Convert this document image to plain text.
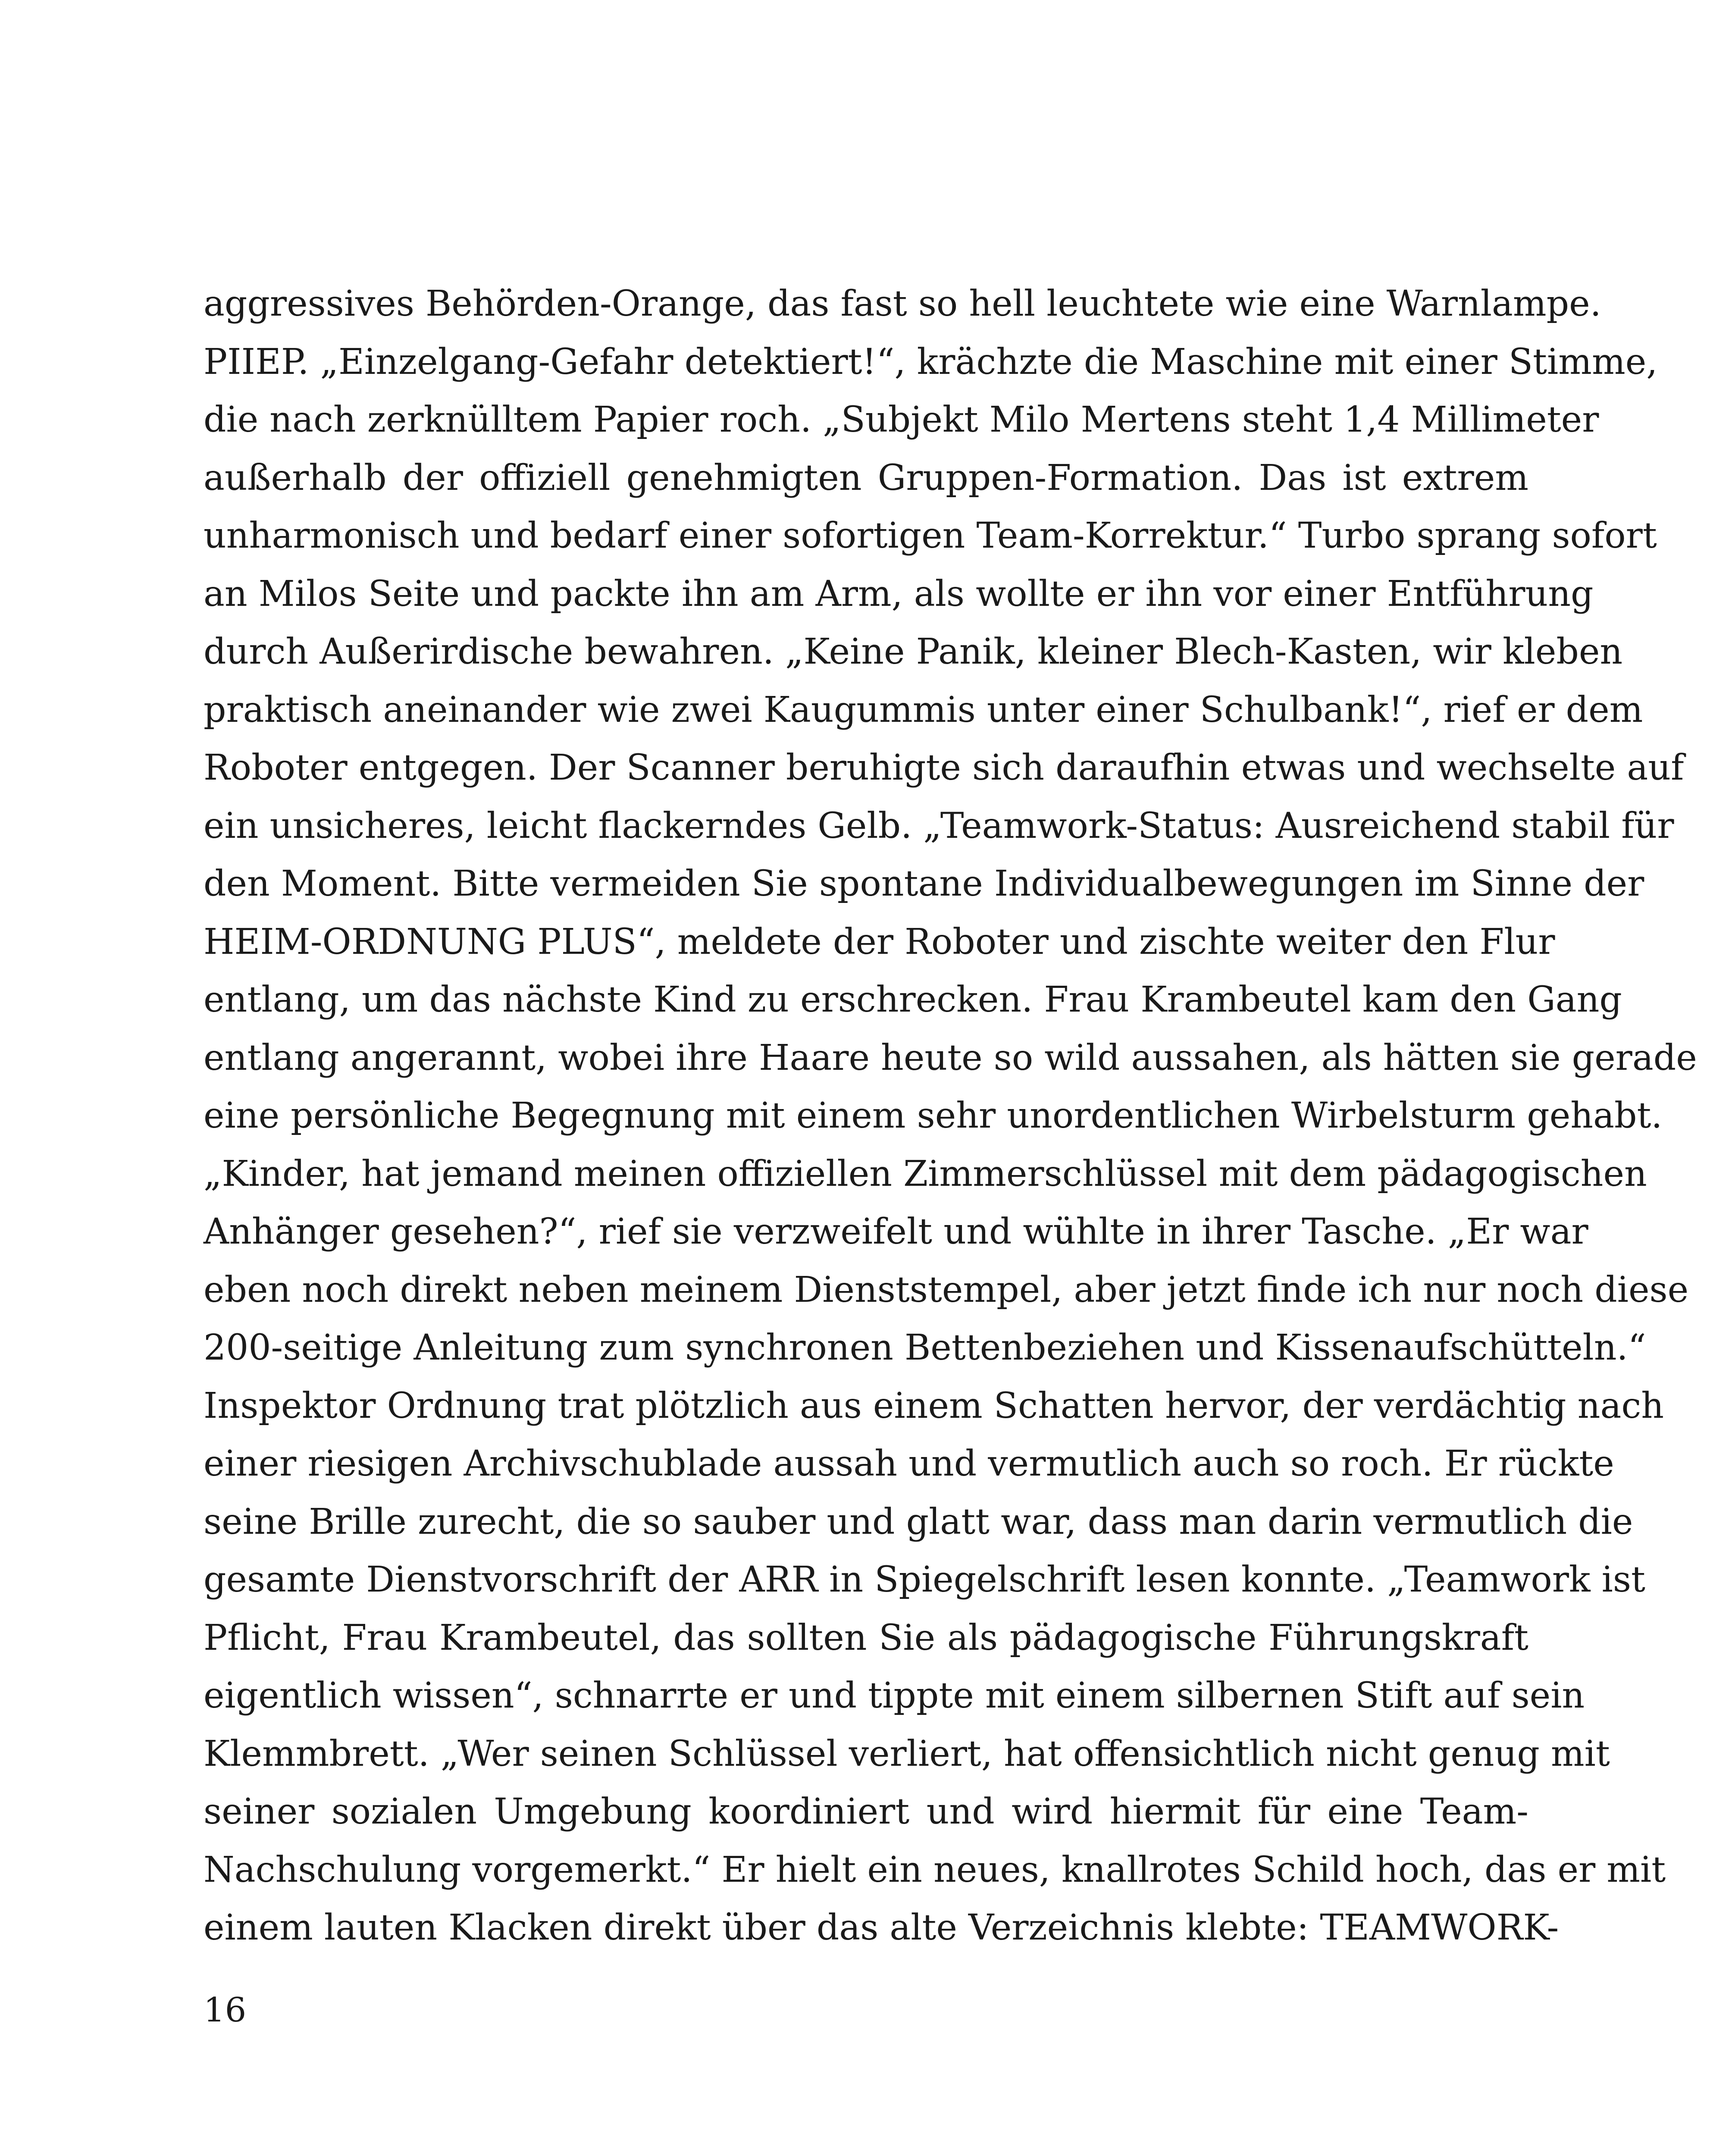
aggressives Behörden-Orange, das fast so hell leuchtete wie eine Warnlampe.
PIIEP. „Einzelgang-Gefahr detektiert!“, krächzte die Maschine mit einer Stimme,
die nach zerknülltem Papier roch. „Subjekt Milo Mertens steht 1,4 Millimeter
außerhalb der offiziell genehmigten Gruppen-Formation. Das ist extrem
unharmonisch und bedarf einer sofortigen Team-Korrektur.“ Turbo sprang sofort
an Milos Seite und packte ihn am Arm, als wollte er ihn vor einer Entführung
durch Außerirdische bewahren. „Keine Panik, kleiner Blech-Kasten, wir kleben
praktisch aneinander wie zwei Kaugummis unter einer Schulbank!“, rief er dem
Roboter entgegen. Der Scanner beruhigte sich daraufhin etwas und wechselte auf
ein unsicheres, leicht flackerndes Gelb. „Teamwork-Status: Ausreichend stabil für
den Moment. Bitte vermeiden Sie spontane Individualbewegungen im Sinne der
HEIM-ORDNUNG PLUS“, meldete der Roboter und zischte weiter den Flur
entlang, um das nächste Kind zu erschrecken. Frau Krambeutel kam den Gang
entlang angerannt, wobei ihre Haare heute so wild aussahen, als hätten sie gerade
eine persönliche Begegnung mit einem sehr unordentlichen Wirbelsturm gehabt.
„Kinder, hat jemand meinen offiziellen Zimmerschlüssel mit dem pädagogischen
Anhänger gesehen?“, rief sie verzweifelt und wühlte in ihrer Tasche. „Er war
eben noch direkt neben meinem Dienststempel, aber jetzt finde ich nur noch diese
200-seitige Anleitung zum synchronen Bettenbeziehen und Kissenaufschütteln.“
Inspektor Ordnung trat plötzlich aus einem Schatten hervor, der verdächtig nach
einer riesigen Archivschublade aussah und vermutlich auch so roch. Er rückte
seine Brille zurecht, die so sauber und glatt war, dass man darin vermutlich die
gesamte Dienstvorschrift der ARR in Spiegelschrift lesen konnte. „Teamwork ist
Pflicht, Frau Krambeutel, das sollten Sie als pädagogische Führungskraft
eigentlich wissen“, schnarrte er und tippte mit einem silbernen Stift auf sein
Klemmbrett. „Wer seinen Schlüssel verliert, hat offensichtlich nicht genug mit
seiner sozialen Umgebung koordiniert und wird hiermit für eine Team-
Nachschulung vorgemerkt.“ Er hielt ein neues, knallrotes Schild hoch, das er mit
einem lauten Klacken direkt über das alte Verzeichnis klebte: TEAMWORK-
16
